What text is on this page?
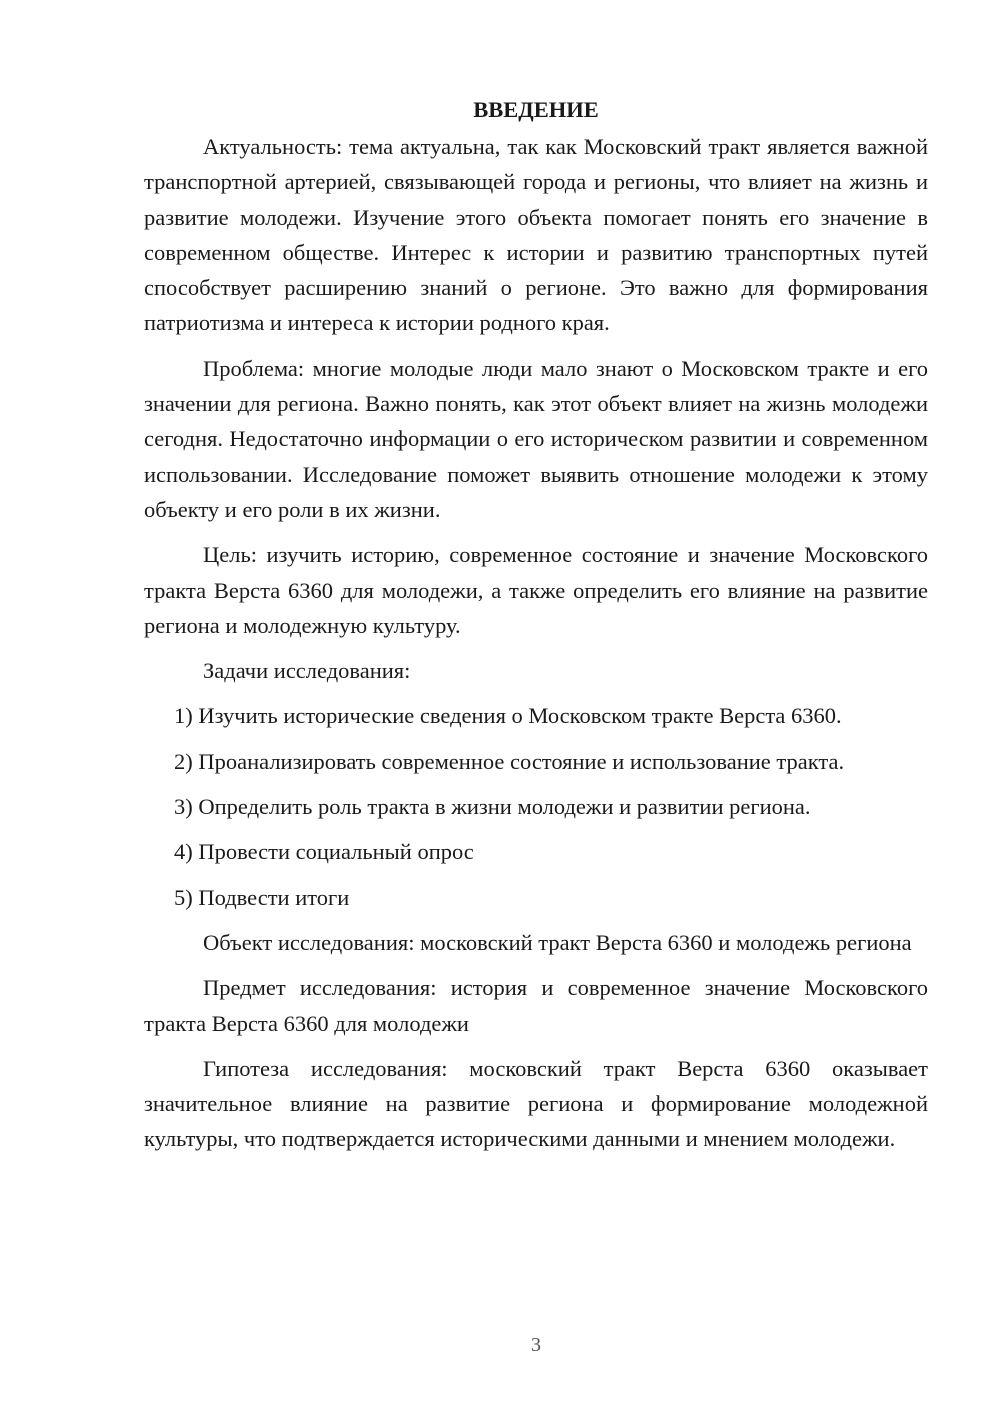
ВВЕДЕНИЕ
Актуальность: тема актуальна, так как Московский тракт является важной транспортной артерией, связывающей города и регионы, что влияет на жизнь и развитие молодежи. Изучение этого объекта помогает понять его значение в современном обществе. Интерес к истории и развитию транспортных путей способствует расширению знаний о регионе. Это важно для формирования патриотизма и интереса к истории родного края.
Проблема: многие молодые люди мало знают о Московском тракте и его значении для региона. Важно понять, как этот объект влияет на жизнь молодежи сегодня. Недостаточно информации о его историческом развитии и современном использовании. Исследование поможет выявить отношение молодежи к этому объекту и его роли в их жизни.
Цель: изучить историю, современное состояние и значение Московского тракта Верста 6360 для молодежи, а также определить его влияние на развитие региона и молодежную культуру.
Задачи исследования:
1) Изучить исторические сведения о Московском тракте Верста 6360.
2) Проанализировать современное состояние и использование тракта.
3) Определить роль тракта в жизни молодежи и развитии региона.
4) Провести социальный опрос
5) Подвести итоги
Объект исследования: московский тракт Верста 6360 и молодежь региона
Предмет исследования: история и современное значение Московского тракта Верста 6360 для молодежи
Гипотеза исследования: московский тракт Верста 6360 оказывает значительное влияние на развитие региона и формирование молодежной культуры, что подтверждается историческими данными и мнением молодежи.
3
